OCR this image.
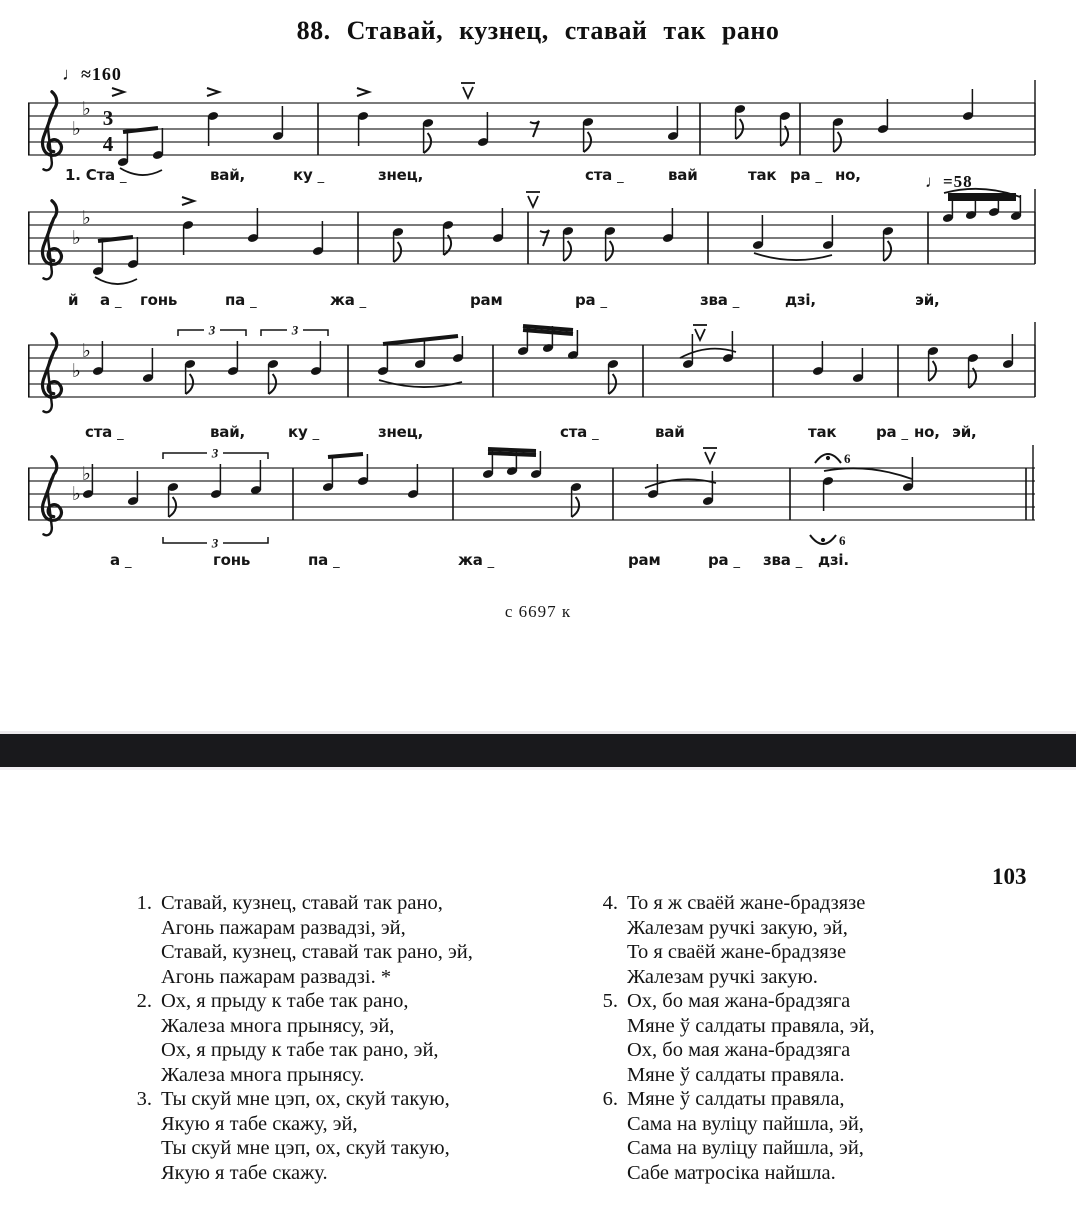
88. Ставай, кузнец, ставай так рано
♩≈160
♩=58
♭
♭ 3
4
♭
♭
♭
♭
3	3
♭
♭
3
3
6
6
1. Ста _	вай,	ку _	знец,	ста _	вай	так ра _ но,
й а _ гонь	па _	жа _	рам	ра _	зва _	дзі,	эй,
ста _	вай,	ку _	знец,	ста _	вай	так	ра _ но, эй,
а _	гонь	па _	жа _	рам	ра _ зва _ дзі.
с 6697 к
103
1. Ставай, кузнец, ставай так рано,
Агонь пажарам развадзі, эй,
Ставай, кузнец, ставай так рано, эй,
Агонь пажарам развадзі. *
2. Ох, я прыду к табе так рано,
Жалеза многа прынясу, эй,
Ох, я прыду к табе так рано, эй,
Жалеза многа прынясу.
3. Ты скуй мне цэп, ох, скуй такую,
Якую я табе скажу, эй,
Ты скуй мне цэп, ох, скуй такую,
Якую я табе скажу.
4. То я ж сваёй жане-брадзязе
Жалезам ручкі закую, эй,
То я сваёй жане-брадзязе
Жалезам ручкі закую.
5. Ох, бо мая жана-брадзяга
Мяне ў салдаты правяла, эй,
Ох, бо мая жана-брадзяга
Мяне ў салдаты правяла.
6. Мяне ў салдаты правяла,
Сама на вуліцу пайшла, эй,
Сама на вуліцу пайшла, эй,
Сабе матросіка найшла.
